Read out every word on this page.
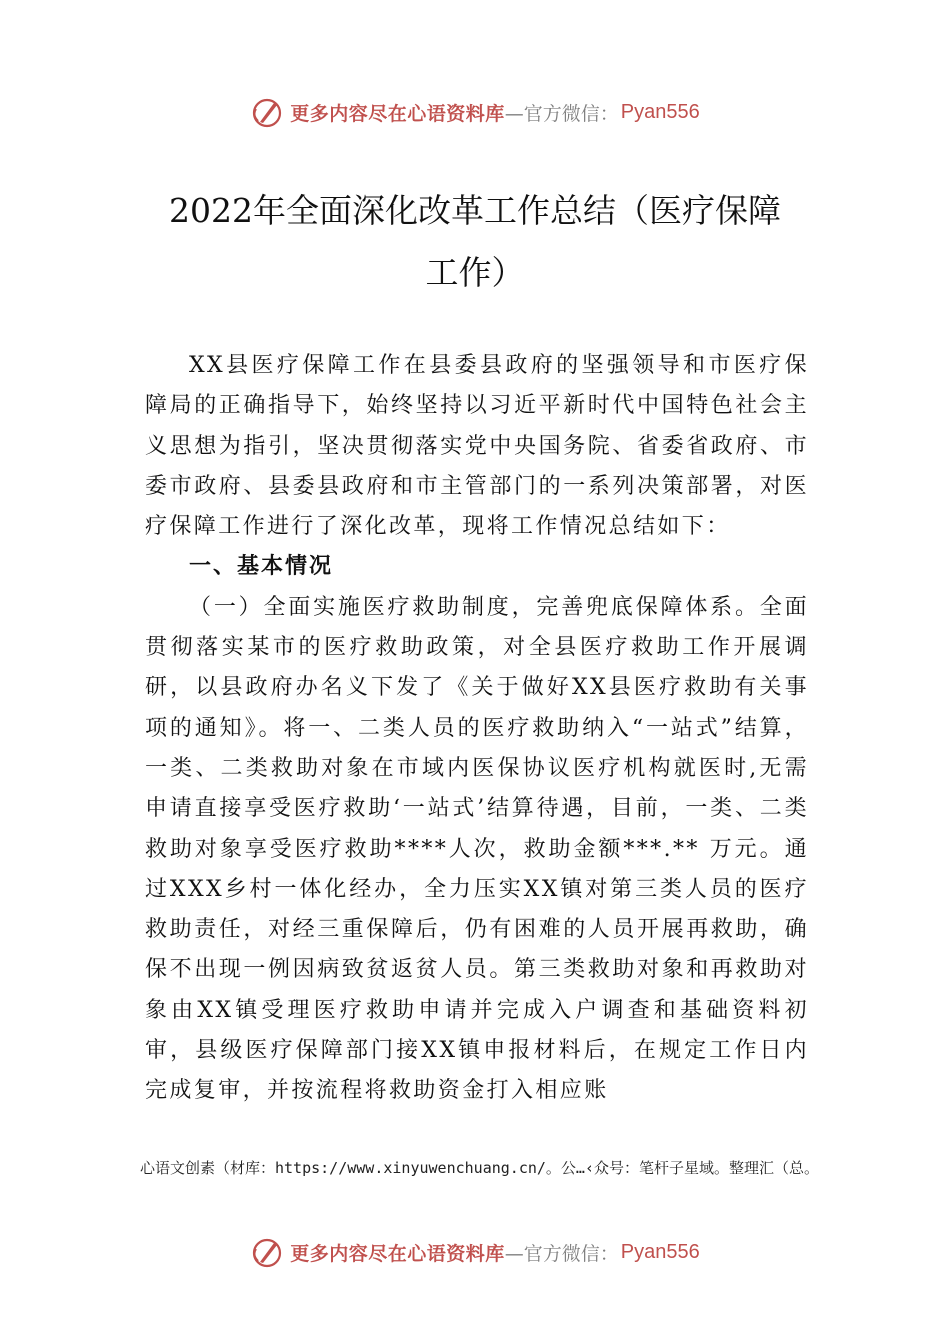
更多内容尽在心语资料库 —官方微信： Pyan556
2022年全面深化改革工作总结（医疗保障
工作）

XX县医疗保障工作在县委县政府的坚强领导和市医疗保障局的正确指导下，始终坚持以习近平新时代中国特色社会主义思想为指引，坚决贯彻落实党中央国务院、省委省政府、市委市政府、县委县政府和市主管部门的一系列决策部署，对医疗保障工作进行了深化改革，现将工作情况总结如下：

一、基本情况

（一）全面实施医疗救助制度，完善兜底保障体系。全面贯彻落实某市的医疗救助政策，对全县医疗救助工作开展调研，以县政府办名义下发了《关于做好XX县医疗救助有关事项的通知》。将一、二类人员的医疗救助纳入“一站式”结算，一类、二类救助对象在市域内医保协议医疗机构就医时,无需申请直接享受医疗救助‘一站式’结算待遇，目前，一类、二类救助对象享受医疗救助****人次，救助金额***.** 万元。通过XXX乡村一体化经办，全力压实XX镇对第三类人员的医疗救助责任，对经三重保障后，仍有困难的人员开展再救助，确保不出现一例因病致贫返贫人员。第三类救助对象和再救助对象由XX镇受理医疗救助申请并完成入户调查和基础资料初审，县级医疗保障部门接XX镇申报材料后，在规定工作日内完成复审，并按流程将救助资金打入相应账

心语文创素（材库：https://www.xinyuwenchuang.cn/。公…‹众号：笔杆子星域。整理汇（总。
更多内容尽在心语资料库 —官方微信： Pyan556
